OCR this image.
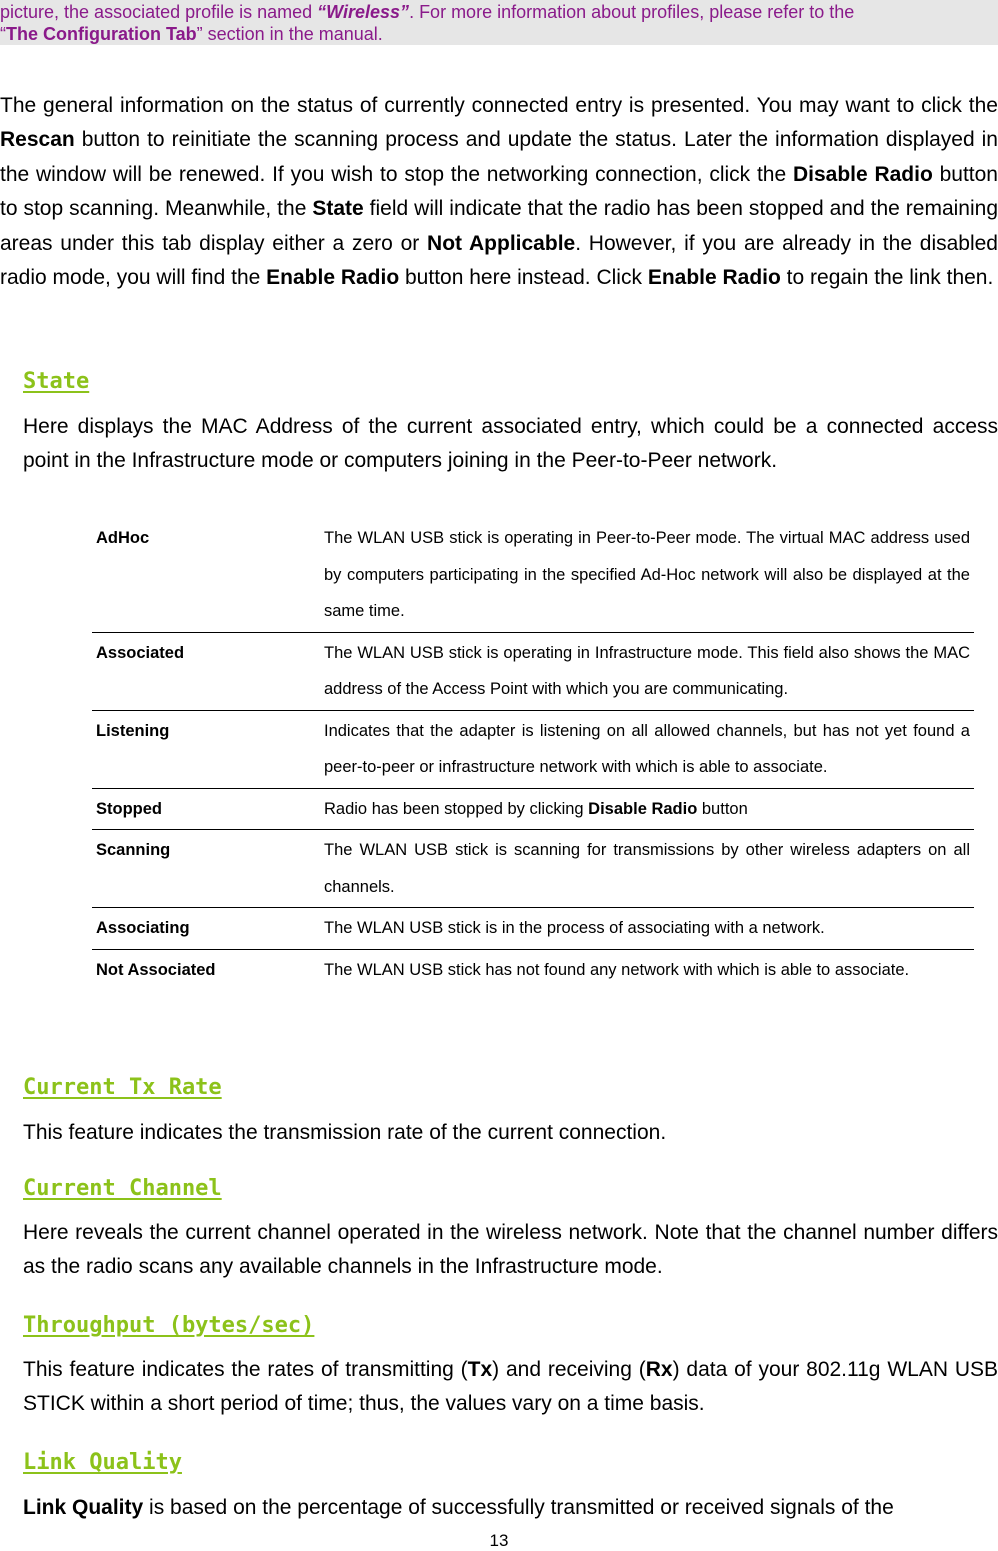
picture, the associated profile is named “Wireless”. For more information about profiles, please refer to the
“The Configuration Tab” section in the manual.
The general information on the status of currently connected entry is presented. You may want to click the Rescan button to reinitiate the scanning process and update the status. Later the information displayed in the window will be renewed. If you wish to stop the networking connection, click the Disable Radio button to stop scanning. Meanwhile, the State field will indicate that the radio has been stopped and the remaining areas under this tab display either a zero or Not Applicable. However, if you are already in the disabled radio mode, you will find the Enable Radio button here instead. Click Enable Radio to regain the link then.
State
Here displays the MAC Address of the current associated entry, which could be a connected access point in the Infrastructure mode or computers joining in the Peer-to-Peer network.
AdHoc	The WLAN USB stick is operating in Peer-to-Peer mode. The virtual MAC address used by computers participating in the specified Ad-Hoc network will also be displayed at the same time.
Associated	The WLAN USB stick is operating in Infrastructure mode. This field also shows the MAC address of the Access Point with which you are communicating.
Listening	Indicates that the adapter is listening on all allowed channels, but has not yet found a peer-to-peer or infrastructure network with which is able to associate.
Stopped	Radio has been stopped by clicking Disable Radio button
Scanning	The WLAN USB stick is scanning for transmissions by other wireless adapters on all channels.
Associating	The WLAN USB stick is in the process of associating with a network.
Not Associated	The WLAN USB stick has not found any network with which is able to associate.
Current Tx Rate
This feature indicates the transmission rate of the current connection.
Current Channel
Here reveals the current channel operated in the wireless network. Note that the channel number differs as the radio scans any available channels in the Infrastructure mode.
Throughput (bytes/sec)
This feature indicates the rates of transmitting (Tx) and receiving (Rx) data of your 802.11g WLAN USB STICK within a short period of time; thus, the values vary on a time basis.
Link Quality
Link Quality is based on the percentage of successfully transmitted or received signals of the
13
